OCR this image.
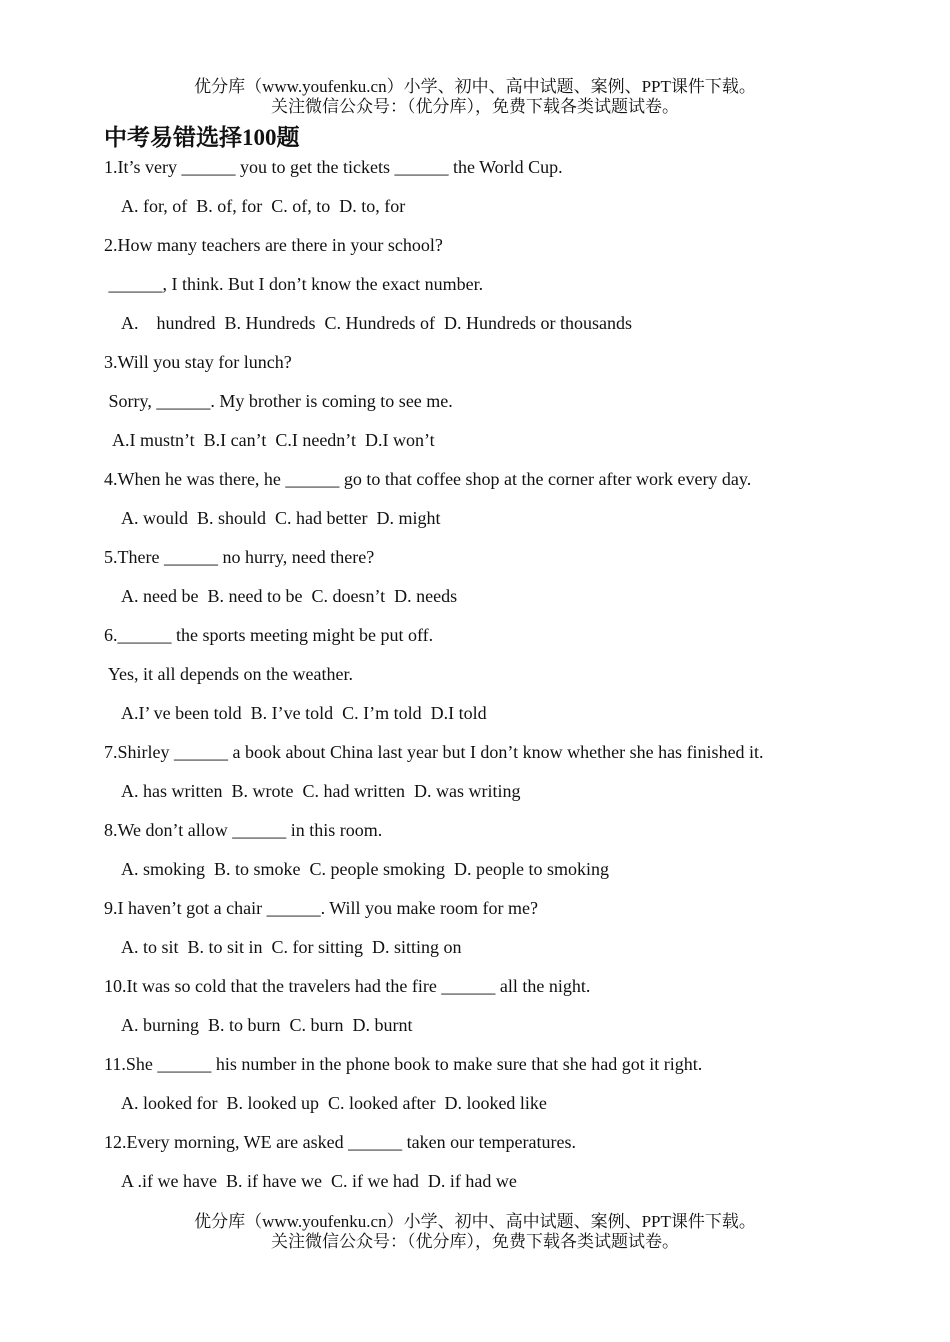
优分库（www.youfenku.cn）小学、初中、高中试题、案例、PPT课件下载。
关注微信公众号：（优分库），免费下载各类试题试卷。
中考易错选择100题
1.It’s very ______ you to get the tickets ______ the World Cup.
A. for, of  B. of, for  C. of, to  D. to, for
2.How many teachers are there in your school?
______, I think. But I don’t know the exact number.
A.    hundred  B. Hundreds  C. Hundreds of  D. Hundreds or thousands
3.Will you stay for lunch?
Sorry, ______. My brother is coming to see me.
A.I mustn’t  B.I can’t  C.I needn’t  D.I won’t
4.When he was there, he ______ go to that coffee shop at the corner after work every day.
A. would  B. should  C. had better  D. might
5.There ______ no hurry, need there?
A. need be  B. need to be  C. doesn’t  D. needs
6.______ the sports meeting might be put off.
Yes, it all depends on the weather.
A.I’ ve been told  B. I’ve told  C. I’m told  D.I told
7.Shirley ______ a book about China last year but I don’t know whether she has finished it.
A. has written  B. wrote  C. had written  D. was writing
8.We don’t allow ______ in this room.
A. smoking  B. to smoke  C. people smoking  D. people to smoking
9.I haven’t got a chair ______. Will you make room for me?
A. to sit  B. to sit in  C. for sitting  D. sitting on
10.It was so cold that the travelers had the fire ______ all the night.
A. burning  B. to burn  C. burn  D. burnt
11.She ______ his number in the phone book to make sure that she had got it right.
A. looked for  B. looked up  C. looked after  D. looked like
12.Every morning, WE are asked ______ taken our temperatures.
A .if we have  B. if have we  C. if we had  D. if had we
优分库（www.youfenku.cn）小学、初中、高中试题、案例、PPT课件下载。
关注微信公众号：（优分库），免费下载各类试题试卷。
